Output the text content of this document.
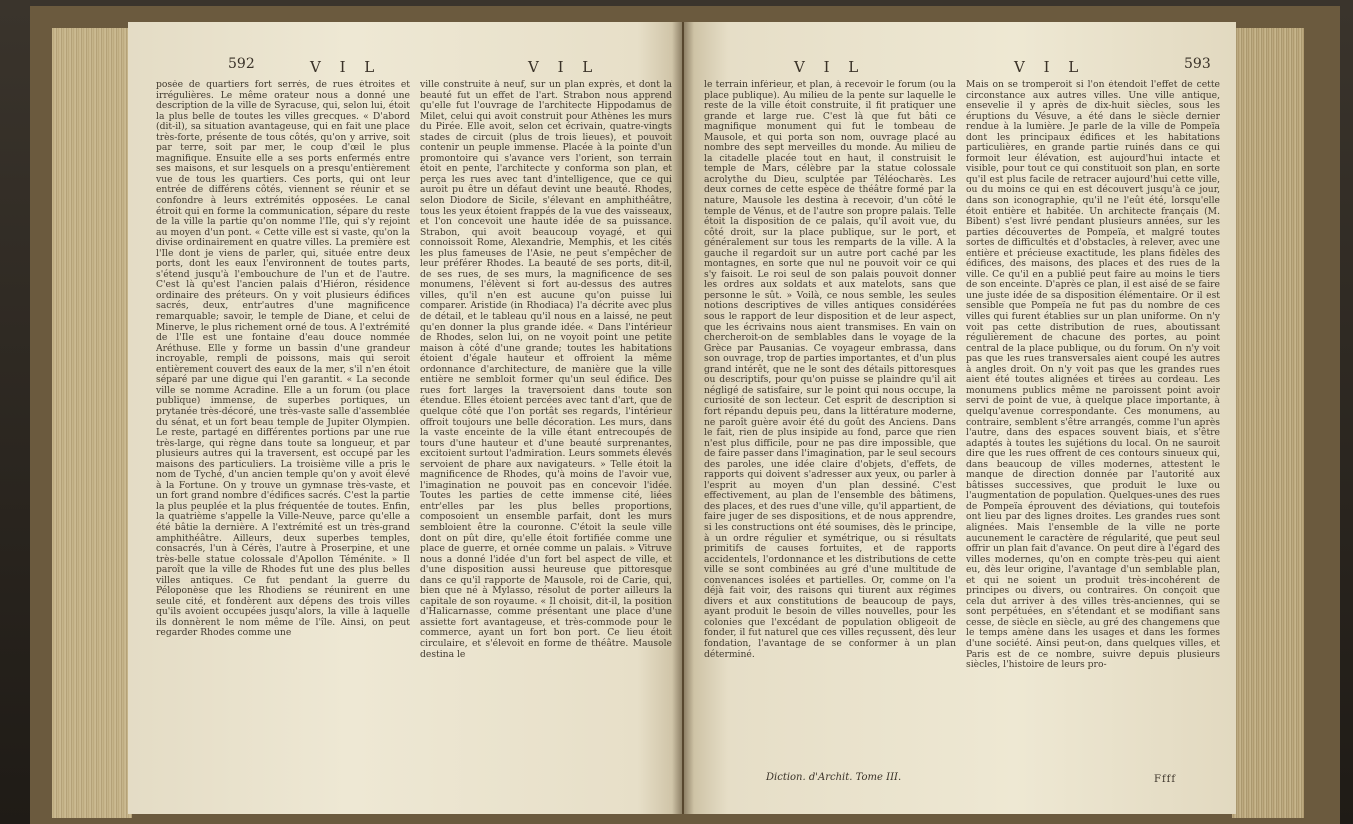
592	V I L	V I L

posée de quartiers fort serrés, de rues étroites et irrégulières. Le même orateur nous a donné une description de la ville de Syracuse, qui, selon lui, étoit la plus belle de toutes les villes grecques. « D'abord (dit-il), sa situation avantageuse, qui en fait une place très-forte, présente de tous côtés, qu'on y arrive, soit par terre, soit par mer, le coup d'œil le plus magnifique. Ensuite elle a ses ports enfermés entre ses maisons, et sur lesquels on a presqu'entièrement vue de tous les quartiers. Ces ports, qui ont leur entrée de différens côtés, viennent se réunir et se confondre à leurs extrémités opposées. Le canal étroit qui en forme la communication, sépare du reste de la ville la partie qu'on nomme l'Ile, qui s'y rejoint au moyen d'un pont. « Cette ville est si vaste, qu'on la divise ordinairement en quatre villes. La première est l'Ile dont je viens de parler, qui, située entre deux ports, dont les eaux l'environnent de toutes parts, s'étend jusqu'à l'embouchure de l'un et de l'autre. C'est là qu'est l'ancien palais d'Hiéron, résidence ordinaire des préteurs. On y voit plusieurs édifices sacrés, deux, entr'autres d'une magnificence remarquable; savoir, le temple de Diane, et celui de Minerve, le plus richement orné de tous. A l'extrémité de l'Ile est une fontaine d'eau douce nommée Aréthuse. Elle y forme un bassin d'une grandeur incroyable, rempli de poissons, mais qui seroit entièrement couvert des eaux de la mer, s'il n'en étoit séparé par une digue qui l'en garantit. « La seconde ville se nomme Acradine. Elle a un forum (ou place publique) immense, de superbes portiques, un prytanée très-décoré, une très-vaste salle d'assemblée du sénat, et un fort beau temple de Jupiter Olympien. Le reste, partagé en différentes portions par une rue très-large, qui règne dans toute sa longueur, et par plusieurs autres qui la traversent, est occupé par les maisons des particuliers. La troisième ville a pris le nom de Tyché, d'un ancien temple qu'on y avoit élevé à la Fortune. On y trouve un gymnase très-vaste, et un fort grand nombre d'édifices sacrés. C'est la partie la plus peuplée et la plus fréquentée de toutes. Enfin, la quatrième s'appelle la Ville-Neuve, parce qu'elle a été bâtie la dernière. A l'extrémité est un très-grand amphithéâtre. Ailleurs, deux superbes temples, consacrés, l'un à Cérès, l'autre à Proserpine, et une très-belle statue colossale d'Apollon Téménite. » Il paroît que la ville de Rhodes fut une des plus belles villes antiques. Ce fut pendant la guerre du Péloponèse que les Rhodiens se réunirent en une seule cité, et fondèrent aux dépens des trois villes qu'ils avoient occupées jusqu'alors, la ville à laquelle ils donnèrent le nom même de l'île. Ainsi, on peut regarder Rhodes comme une

ville construite à neuf, sur un plan exprès, et dont la beauté fut un effet de l'art. Strabon nous apprend qu'elle fut l'ouvrage de l'architecte Hippodamus de Milet, celui qui avoit construit pour Athènes les murs du Pirée. Elle avoit, selon cet écrivain, quatre-vingts stades de circuit (plus de trois lieues), et pouvoit contenir un peuple immense. Placée à la pointe d'un promontoire qui s'avance vers l'orient, son terrain étoit en pente, l'architecte y conforma son plan, et perça les rues avec tant d'intelligence, que ce qui auroit pu être un défaut devint une beauté. Rhodes, selon Diodore de Sicile, s'élevant en amphithéâtre, tous les yeux étoient frappés de la vue des vaisseaux, et l'on concevoit une haute idée de sa puissance. Strabon, qui avoit beaucoup voyagé, et qui connoissoit Rome, Alexandrie, Memphis, et les cités les plus fameuses de l'Asie, ne peut s'empêcher de leur préférer Rhodes. La beauté de ses ports, dit-il, de ses rues, de ses murs, la magnificence de ses monumens, l'élèvent si fort au-dessus des autres villes, qu'il n'en est aucune qu'on puisse lui comparer. Aristide (in Rhodiaca) l'a décrite avec plus de détail, et le tableau qu'il nous en a laissé, ne peut qu'en donner la plus grande idée. « Dans l'intérieur de Rhodes, selon lui, on ne voyoit point une petite maison à côté d'une grande; toutes les habitations étoient d'égale hauteur et offroient la même ordonnance d'architecture, de manière que la ville entière ne sembloit former qu'un seul édifice. Des rues fort larges la traversoient dans toute son étendue. Elles étoient percées avec tant d'art, que de quelque côté que l'on portât ses regards, l'intérieur offroit toujours une belle décoration. Les murs, dans la vaste enceinte de la ville étant entrecoupés de tours d'une hauteur et d'une beauté surprenantes, excitoient surtout l'admiration. Leurs sommets élevés servoient de phare aux navigateurs. » Telle étoit la magnificence de Rhodes, qu'à moins de l'avoir vue, l'imagination ne pouvoit pas en concevoir l'idée. Toutes les parties de cette immense cité, liées entr'elles par les plus belles proportions, composoient un ensemble parfait, dont les murs sembloient être la couronne. C'étoit la seule ville dont on pût dire, qu'elle étoit fortifiée comme une place de guerre, et ornée comme un palais. » Vitruve nous a donné l'idée d'un fort bel aspect de ville, et d'une disposition aussi heureuse que pittoresque dans ce qu'il rapporte de Mausole, roi de Carie, qui, bien que né à Mylasso, résolut de porter ailleurs la capitale de son royaume. « Il choisit, dit-il, la position d'Halicarnasse, comme présentant une place d'une assiette fort avantageuse, et très-commode pour le commerce, ayant un fort bon port. Ce lieu étoit circulaire, et s'élevoit en forme de théâtre. Mausole destina le

V I L	V I L	593

le terrain inférieur, et plan, à recevoir le forum (ou la place publique). Au milieu de la pente sur laquelle le reste de la ville étoit construite, il fit pratiquer une grande et large rue. C'est là que fut bâti ce magnifique monument qui fut le tombeau de Mausole, et qui porta son nom, ouvrage placé au nombre des sept merveilles du monde. Au milieu de la citadelle placée tout en haut, il construisit le temple de Mars, célèbre par la statue colossale acrolythe du Dieu, sculptée par Téléocharès. Les deux cornes de cette espèce de théâtre formé par la nature, Mausole les destina à recevoir, d'un côté le temple de Vénus, et de l'autre son propre palais. Telle étoit la disposition de ce palais, qu'il avoit vue, du côté droit, sur la place publique, sur le port, et généralement sur tous les remparts de la ville. A la gauche il regardoit sur un autre port caché par les montagnes, en sorte que nul ne pouvoit voir ce qui s'y faisoit. Le roi seul de son palais pouvoit donner les ordres aux soldats et aux matelots, sans que personne le sût. » Voilà, ce nous semble, les seules notions descriptives de villes antiques considérées sous le rapport de leur disposition et de leur aspect, que les écrivains nous aient transmises. En vain on chercheroit-on de semblables dans le voyage de la Grèce par Pausanias. Ce voyageur embrassa, dans son ouvrage, trop de parties importantes, et d'un plus grand intérêt, que ne le sont des détails pittoresques ou descriptifs, pour qu'on puisse se plaindre qu'il ait négligé de satisfaire, sur le point qui nous occupe, la curiosité de son lecteur. Cet esprit de description si fort répandu depuis peu, dans la littérature moderne, ne paroît guère avoir été du goût des Anciens. Dans le fait, rien de plus insipide au fond, parce que rien n'est plus difficile, pour ne pas dire impossible, que de faire passer dans l'imagination, par le seul secours des paroles, une idée claire d'objets, d'effets, de rapports qui doivent s'adresser aux yeux, ou parler à l'esprit au moyen d'un plan dessiné. C'est effectivement, au plan de l'ensemble des bâtimens, des places, et des rues d'une ville, qu'il appartient, de faire juger de ses dispositions, et de nous apprendre, si les constructions ont été soumises, dès le principe, à un ordre régulier et symétrique, ou si résultats primitifs de causes fortuites, et de rapports accidentels, l'ordonnance et les distributions de cette ville se sont combinées au gré d'une multitude de convenances isolées et partielles. Or, comme on l'a déjà fait voir, des raisons qui tiurent aux régimes divers et aux constitutions de beaucoup de pays, ayant produit le besoin de villes nouvelles, pour les colonies que l'excédant de population obligeoit de fonder, il fut naturel que ces villes reçussent, dès leur fondation, l'avantage de se conformer à un plan déterminé.

Mais on se tromperoit si l'on étendoit l'effet de cette circonstance aux autres villes. Une ville antique, ensevelie il y après de dix-huit siècles, sous les éruptions du Vésuve, a été dans le siècle dernier rendue à la lumière. Je parle de la ville de Pompeïa dont les principaux édifices et les habitations particulières, en grande partie ruinés dans ce qui formoit leur élévation, est aujourd'hui intacte et visible, pour tout ce qui constituoit son plan, en sorte qu'il est plus facile de retracer aujourd'hui cette ville, ou du moins ce qui en est découvert jusqu'à ce jour, dans son iconographie, qu'il ne l'eût été, lorsqu'elle étoit entière et habitée. Un architecte français (M. Bibent) s'est livré pendant plusieurs années, sur les parties découvertes de Pompeïa, et malgré toutes sortes de difficultés et d'obstacles, à relever, avec une entière et précieuse exactitude, les plans fidèles des édifices, des maisons, des places et des rues de la ville. Ce qu'il en a publié peut faire au moins le tiers de son enceinte. D'après ce plan, il est aisé de se faire une juste idée de sa disposition élémentaire. Or il est sensible que Pompeïa ne fut pas du nombre de ces villes qui furent établies sur un plan uniforme. On n'y voit pas cette distribution de rues, aboutissant régulièrement de chacune des portes, au point central de la place publique, ou du forum. On n'y voit pas que les rues transversales aient coupé les autres à angles droit. On n'y voit pas que les grandes rues aient été toutes alignées et tirées au cordeau. Les monumens publics même ne paroissent point avoir servi de point de vue, à quelque place importante, à quelqu'avenue correspondante. Ces monumens, au contraire, semblent s'être arrangés, comme l'un après l'autre, dans des espaces souvent biais, et s'être adaptés à toutes les sujétions du local. On ne sauroit dire que les rues offrent de ces contours sinueux qui, dans beaucoup de villes modernes, attestent le manque de direction donnée par l'autorité aux bâtisses successives, que produit le luxe ou l'augmentation de population. Quelques-unes des rues de Pompeïa éprouvent des déviations, qui toutefois ont lieu par des lignes droites. Les grandes rues sont alignées. Mais l'ensemble de la ville ne porte aucunement le caractère de régularité, que peut seul offrir un plan fait d'avance. On peut dire à l'égard des villes modernes, qu'on en compte très-peu qui aient eu, dès leur origine, l'avantage d'un semblable plan, et qui ne soient un produit très-incohérent de principes ou divers, ou contraires. On conçoit que cela dut arriver à des villes très-anciennes, qui se sont perpétuées, en s'étendant et se modifiant sans cesse, de siècle en siècle, au gré des changemens que le temps amène dans les usages et dans les formes d'une société. Ainsi peut-on, dans quelques villes, et Paris est de ce nombre, suivre depuis plusieurs siècles, l'histoire de leurs pro-

Diction. d'Archit. Tome III.	Ffff
